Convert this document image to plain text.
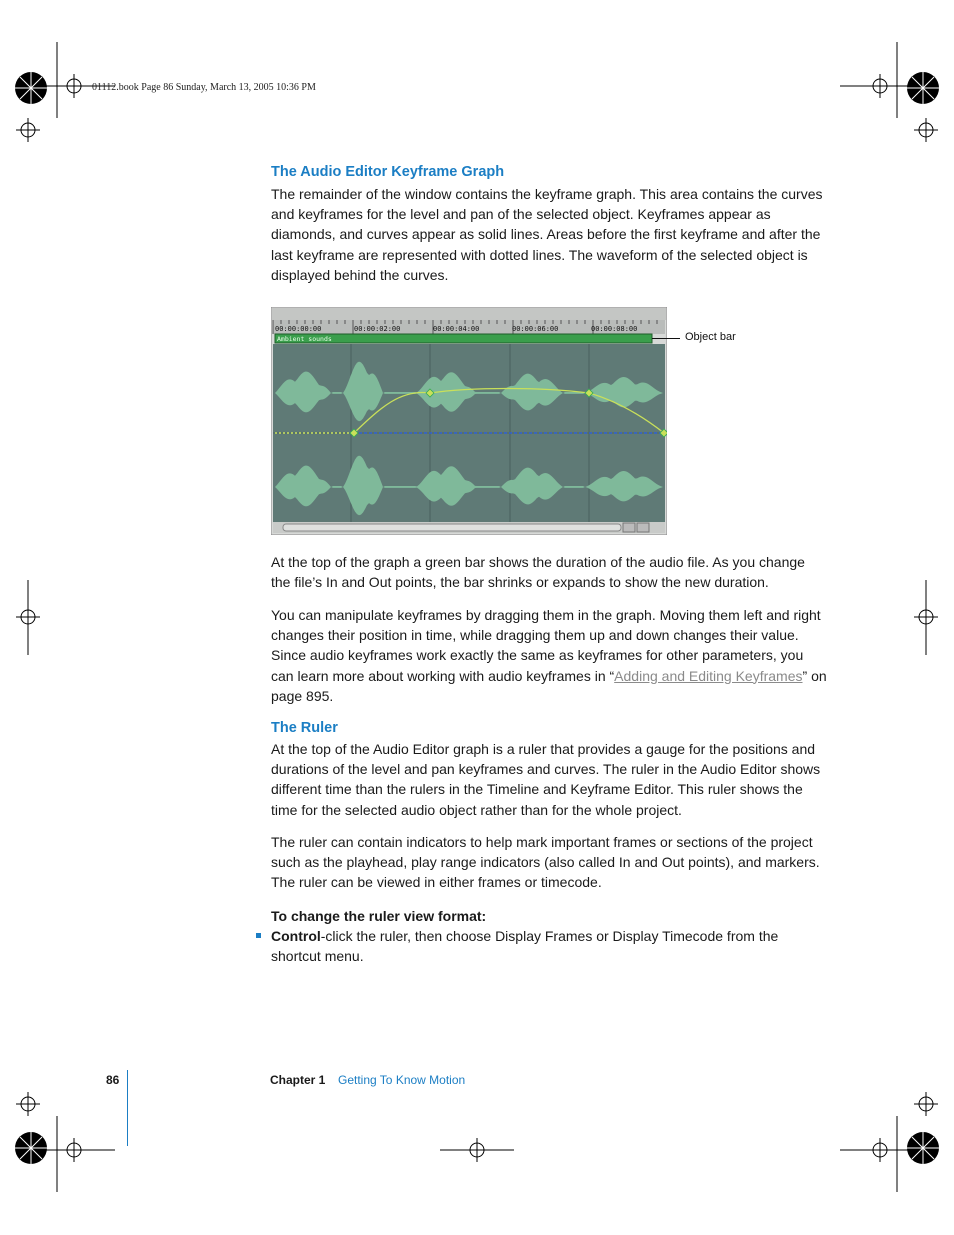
01112.book Page 86 Sunday, March 13, 2005 10:36 PM
The Audio Editor Keyframe Graph

The remainder of the window contains the keyframe graph. This area contains the curves and keyframes for the level and pan of the selected object. Keyframes appear as diamonds, and curves appear as solid lines. Areas before the first keyframe and after the last keyframe are represented with dotted lines. The waveform of the selected object is displayed behind the curves.

00:00:00:00	00:00:02:00	00:00:04:00	00:00:06:00	00:00:08:00
Ambient sounds	Object bar

At the top of the graph a green bar shows the duration of the audio file. As you change the file’s In and Out points, the bar shrinks or expands to show the new duration.

You can manipulate keyframes by dragging them in the graph. Moving them left and right changes their position in time, while dragging them up and down changes their value. Since audio keyframes work exactly the same as keyframes for other parameters, you can learn more about working with audio keyframes in “Adding and Editing Keyframes” on page 895.

The Ruler

At the top of the Audio Editor graph is a ruler that provides a gauge for the positions and durations of the level and pan keyframes and curves. The ruler in the Audio Editor shows different time than the rulers in the Timeline and Keyframe Editor. This ruler shows the time for the selected audio object rather than for the whole project.

The ruler can contain indicators to help mark important frames or sections of the project such as the playhead, play range indicators (also called In and Out points), and markers. The ruler can be viewed in either frames or timecode.

To change the ruler view format:

Control-click the ruler, then choose Display Frames or Display Timecode from the shortcut menu.

86	Chapter 1 Getting To Know Motion
